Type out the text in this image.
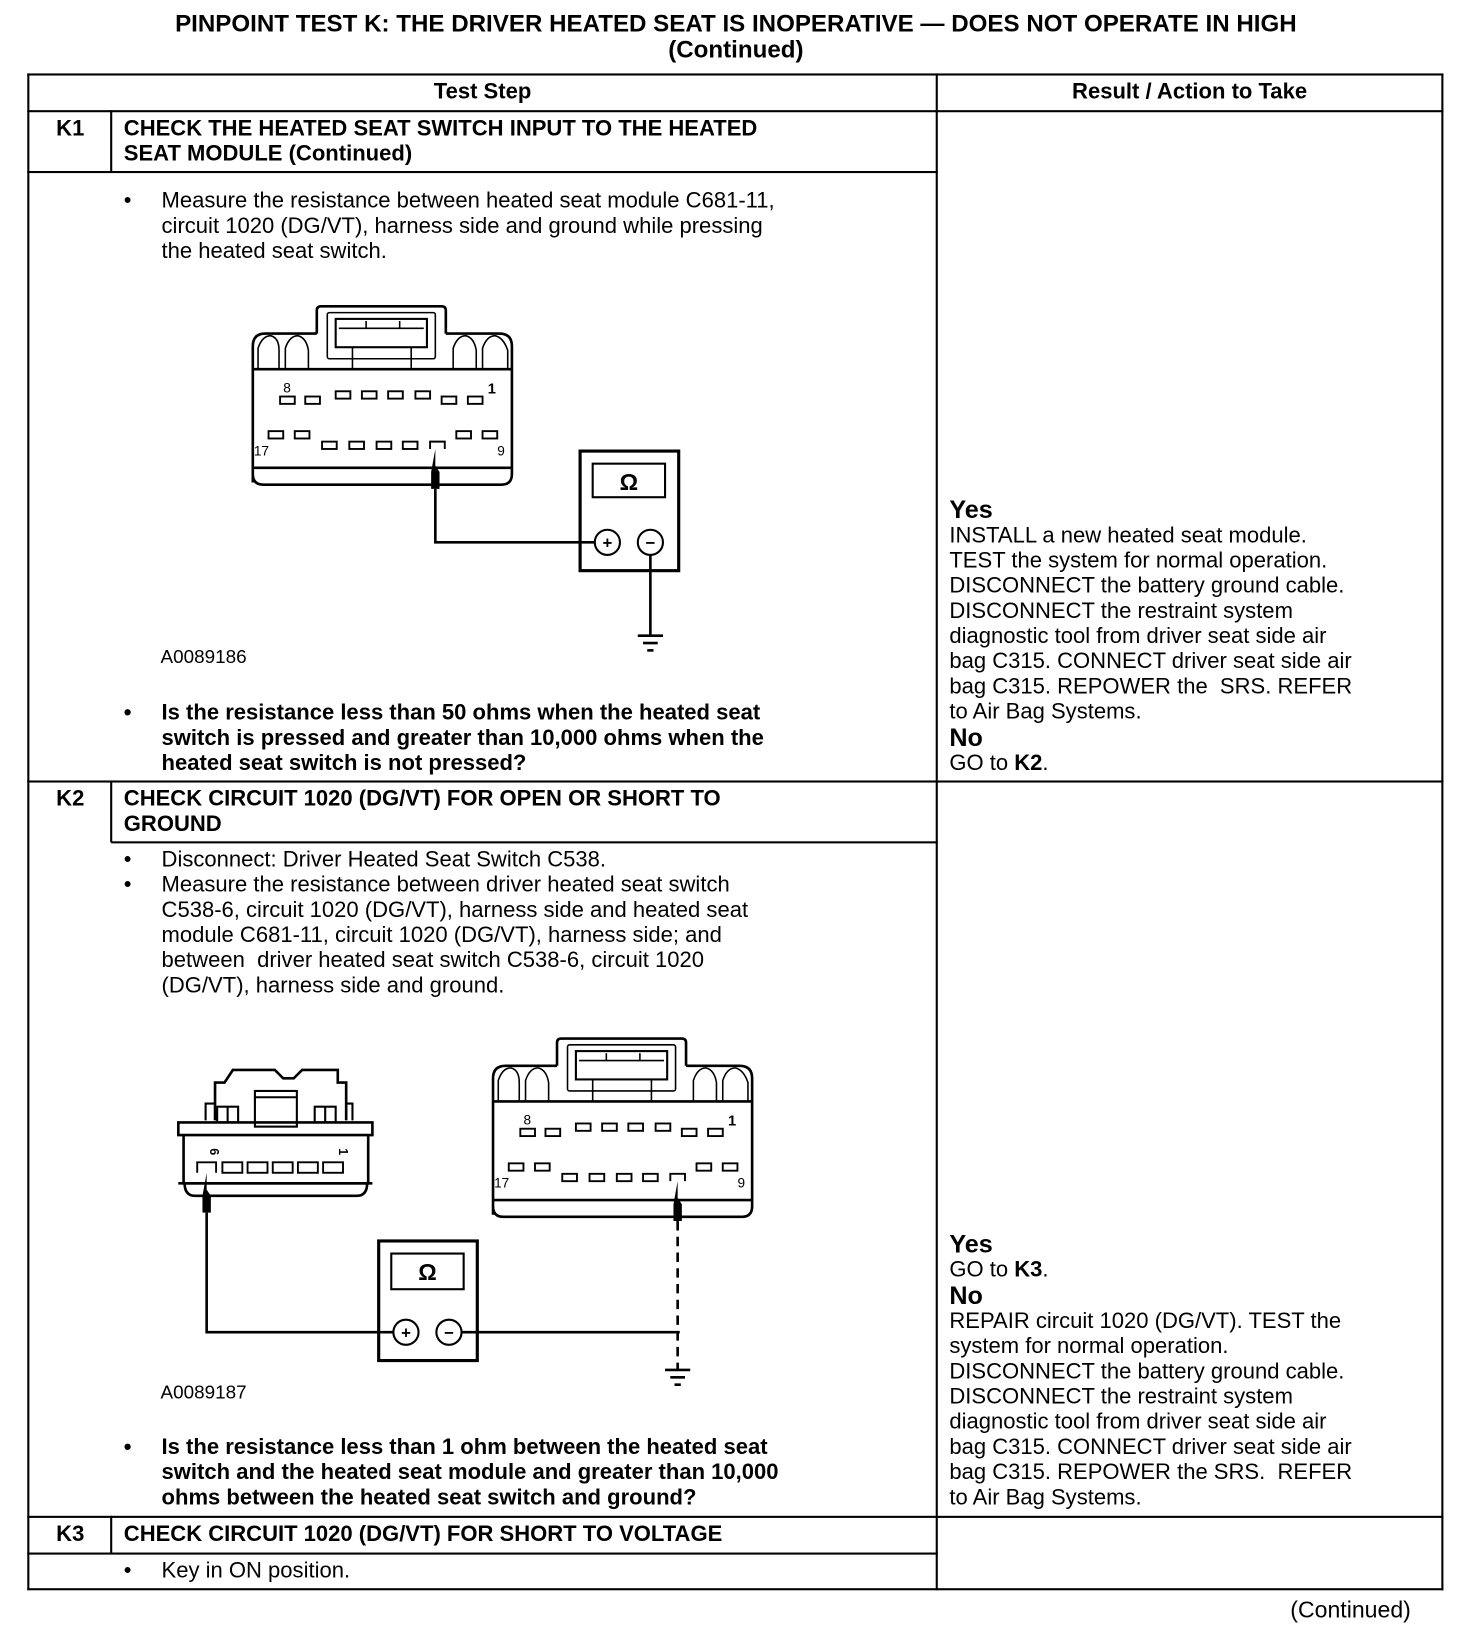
PINPOINT TEST K: THE DRIVER HEATED SEAT IS INOPERATIVE — DOES NOT OPERATE IN HIGH
(Continued)
Test Step	Result / Action to Take
K1	CHECK THE HEATED SEAT SWITCH INPUT TO THE HEATED
SEAT MODULE (Continued)
• Measure the resistance between heated seat module C681-11,
circuit 1020 (DG/VT), harness side and ground while pressing
the heated seat switch.
8	1
17	9
Ω
+ −
A0089186
• Is the resistance less than 50 ohms when the heated seat
switch is pressed and greater than 10,000 ohms when the
heated seat switch is not pressed?
Yes
INSTALL a new heated seat module.
TEST the system for normal operation.
DISCONNECT the battery ground cable.
DISCONNECT the restraint system
diagnostic tool from driver seat side air
bag C315. CONNECT driver seat side air
bag C315. REPOWER the  SRS. REFER
to Air Bag Systems.
No
GO to K2.
K2	CHECK CIRCUIT 1020 (DG/VT) FOR OPEN OR SHORT TO
GROUND
• Disconnect: Driver Heated Seat Switch C538.
• Measure the resistance between driver heated seat switch
C538-6, circuit 1020 (DG/VT), harness side and heated seat
module C681-11, circuit 1020 (DG/VT), harness side; and
between  driver heated seat switch C538-6, circuit 1020
(DG/VT), harness side and ground.
6	1
8	1
17	9
Ω
+ −
A0089187
• Is the resistance less than 1 ohm between the heated seat
switch and the heated seat module and greater than 10,000
ohms between the heated seat switch and ground?
Yes
GO to K3.
No
REPAIR circuit 1020 (DG/VT). TEST the
system for normal operation.
DISCONNECT the battery ground cable.
DISCONNECT the restraint system
diagnostic tool from driver seat side air
bag C315. CONNECT driver seat side air
bag C315. REPOWER the SRS.  REFER
to Air Bag Systems.
K3	CHECK CIRCUIT 1020 (DG/VT) FOR SHORT TO VOLTAGE
• Key in ON position.
(Continued)
